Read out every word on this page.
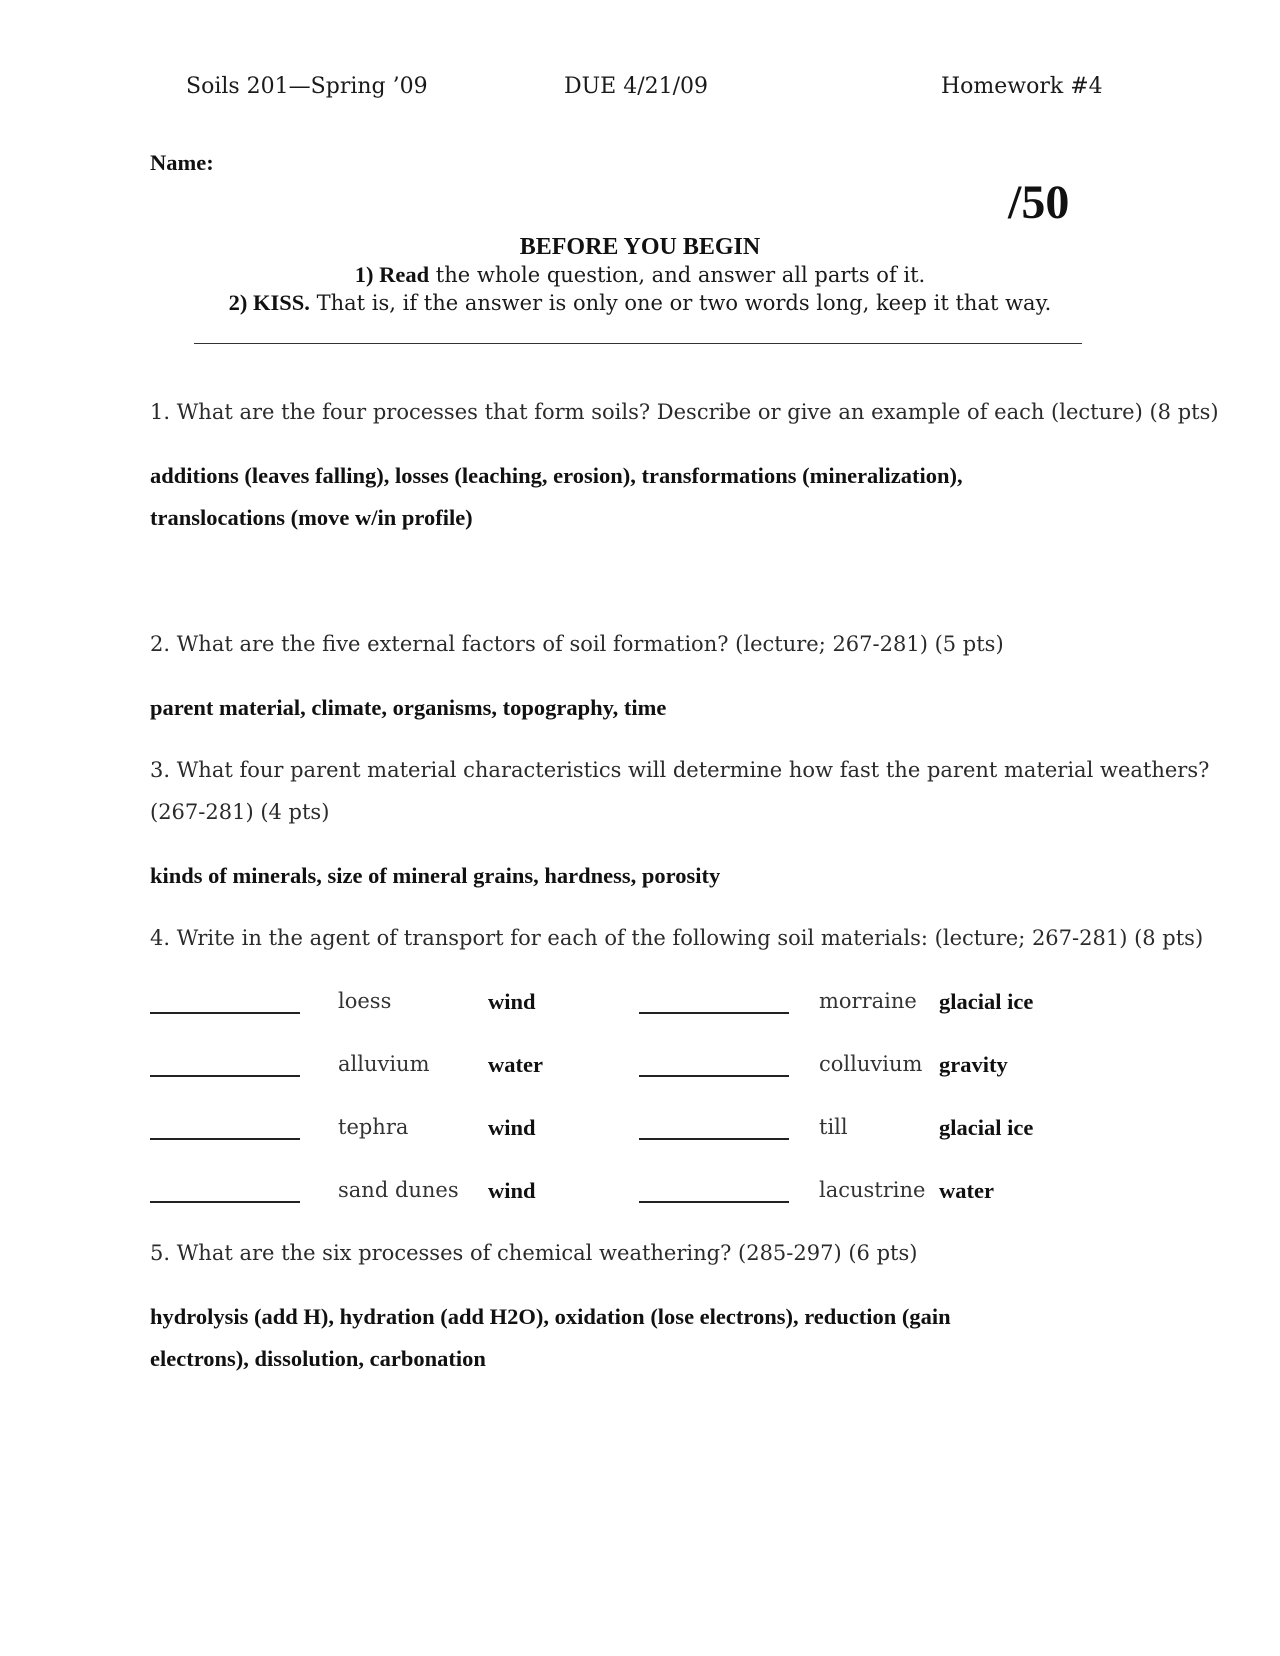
Soils 201—Spring ’09	DUE 4/21/09	Homework #4
Name:
/50
BEFORE YOU BEGIN
1) Read the whole question, and answer all parts of it.
2) KISS. That is, if the answer is only one or two words long, keep it that way.
1. What are the four processes that form soils? Describe or give an example of each (lecture) (8 pts)
additions (leaves falling), losses (leaching, erosion), transformations (mineralization),
translocations (move w/in profile)
2. What are the five external factors of soil formation? (lecture; 267-281) (5 pts)
parent material, climate, organisms, topography, time
3. What four parent material characteristics will determine how fast the parent material weathers?
(267-281) (4 pts)
kinds of minerals, size of mineral grains, hardness, porosity
4. Write in the agent of transport for each of the following soil materials: (lecture; 267-281) (8 pts)
loess	wind	morraine glacial ice
alluvium	water	colluvium gravity
tephra	wind	till	glacial ice
sand dunes wind	lacustrine water
5. What are the six processes of chemical weathering? (285-297) (6 pts)
hydrolysis (add H), hydration (add H2O), oxidation (lose electrons), reduction (gain
electrons), dissolution, carbonation
